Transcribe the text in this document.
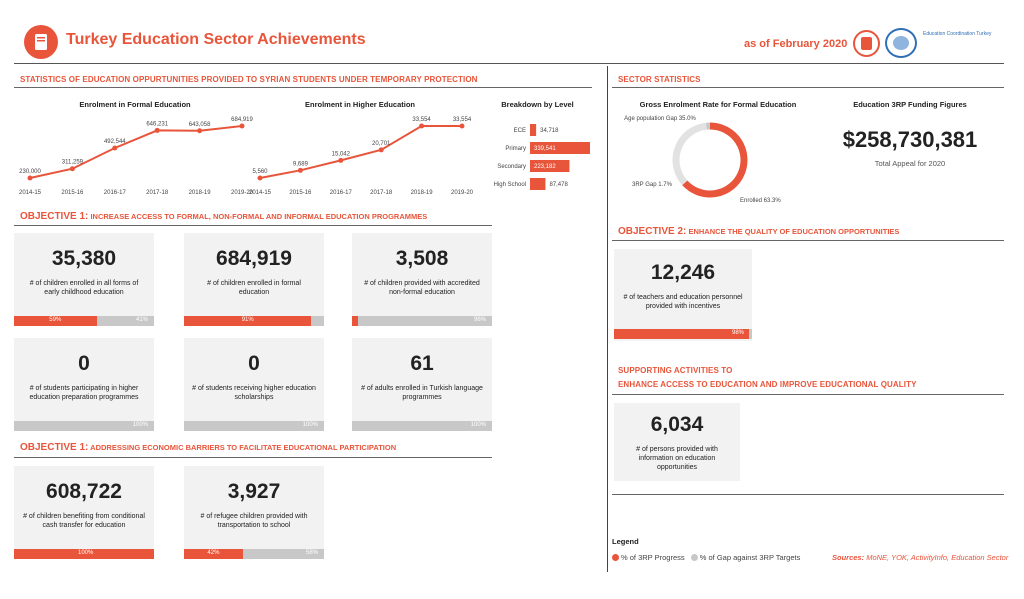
Turkey Education Sector Achievements	as of February 2020
Education Coordination Turkey
STATISTICS OF EDUCATION OPPURTUNITIES PROVIDED TO SYRIAN STUDENTS UNDER TEMPORARY PROTECTION	SECTOR STATISTICS
Enrolment in Formal Education	Enrolment in Higher Education	Breakdown by Level
230,000
2014-15
311,259
2015-16
492,544
2016-17
646,231
2017-18
643,058
2018-19
684,919
2019-20
5,560
2014-15
9,689
2015-16
15,042
2016-17
20,701
2017-18
33,554
2018-19
33,554
2019-20
ECE 34,718
Primary 339,541
Secondary 223,182
High School	87,478
Gross Enrolment Rate for Formal Education
Enrolled 63.3%
Age population Gap 35.0%
3RP Gap 1.7%
Education 3RP Funding Figures
$258,730,381
Total Appeal for 2020
OBJECTIVE 1: INCREASE ACCESS TO FORMAL, NON-FORMAL AND INFORMAL EDUCATION PROGRAMMES
35,380
# of children enrolled in all forms of early childhood education
59%	41%
684,919
# of children enrolled in formal education
91%
3,508
# of children provided with accredited non-formal education
96%
0
# of students participating in higher education preparation programmes
100%
0
# of students receiving higher education scholarships
100%
61
# of adults enrolled in Turkish language programmes
100%
OBJECTIVE 1: ADDRESSING ECONOMIC BARRIERS TO FACILITATE EDUCATIONAL PARTICIPATION
608,722
# of children benefiting from conditional cash transfer for education
100%
3,927
# of refugee children provided with transportation to school
42%	58%
OBJECTIVE 2: ENHANCE THE QUALITY OF EDUCATION OPPORTUNITIES
12,246
# of teachers and education personnel provided with incentives
98%
SUPPORTING ACTIVITIES TO
ENHANCE ACCESS TO EDUCATION AND IMPROVE EDUCATIONAL QUALITY
6,034
# of persons provided with information on education opportunities
Legend
% of 3RP Progress % of Gap against 3RP Targets	Sources: MoNE, YOK, ActivityInfo, Education Sector
